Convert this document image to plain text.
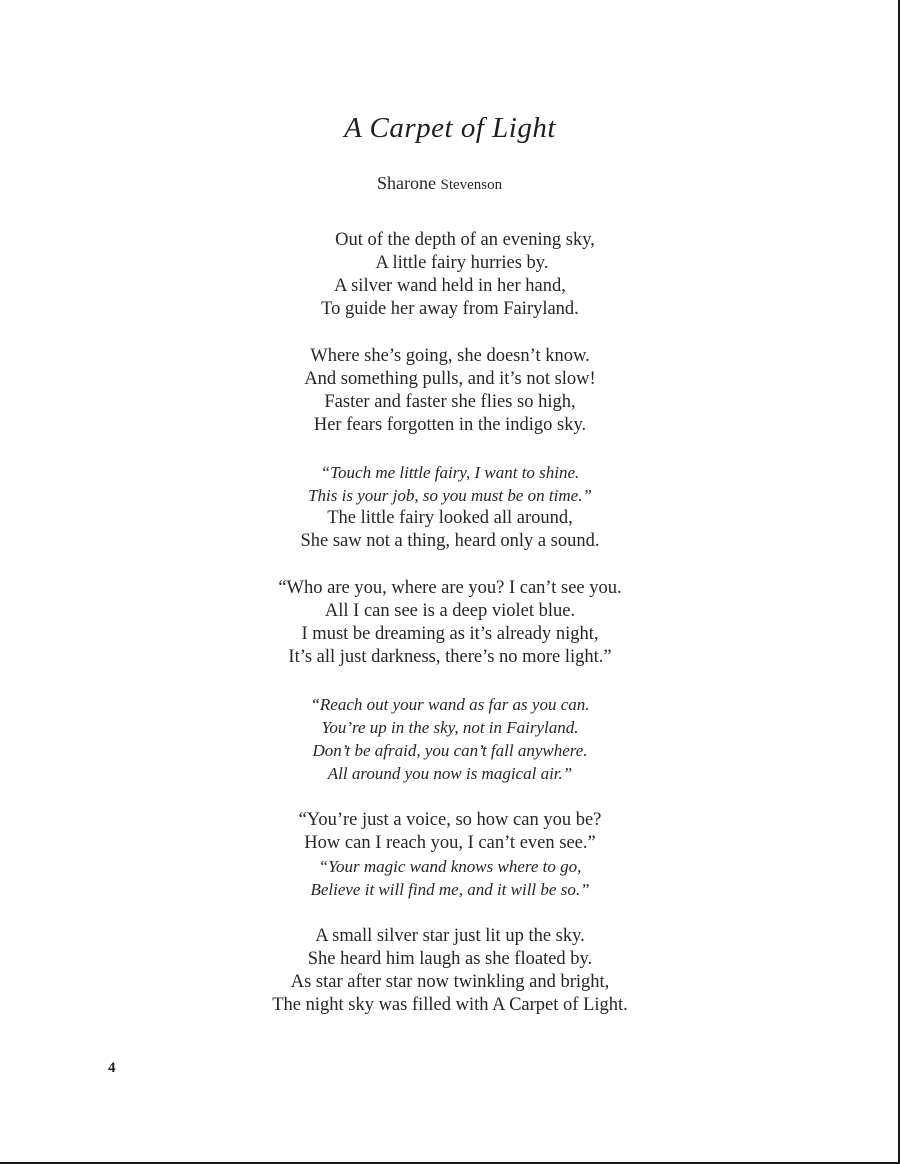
A Carpet of Light
Sharone Stevenson
Out of the depth of an evening sky,
A little fairy hurries by.
A silver wand held in her hand,
To guide her away from Fairyland.
Where she’s going, she doesn’t know.
And something pulls, and it’s not slow!
Faster and faster she flies so high,
Her fears forgotten in the indigo sky.
“Touch me little fairy, I want to shine.
This is your job, so you must be on time.”
The little fairy looked all around,
She saw not a thing, heard only a sound.
“Who are you, where are you? I can’t see you.
All I can see is a deep violet blue.
I must be dreaming as it’s already night,
It’s all just darkness, there’s no more light.”
“Reach out your wand as far as you can.
You’re up in the sky, not in Fairyland.
Don’t be afraid, you can’t fall anywhere.
All around you now is magical air.”
“You’re just a voice, so how can you be?
How can I reach you, I can’t even see.”
“Your magic wand knows where to go,
Believe it will find me, and it will be so.”
A small silver star just lit up the sky.
She heard him laugh as she floated by.
As star after star now twinkling and bright,
The night sky was filled with A Carpet of Light.
4
